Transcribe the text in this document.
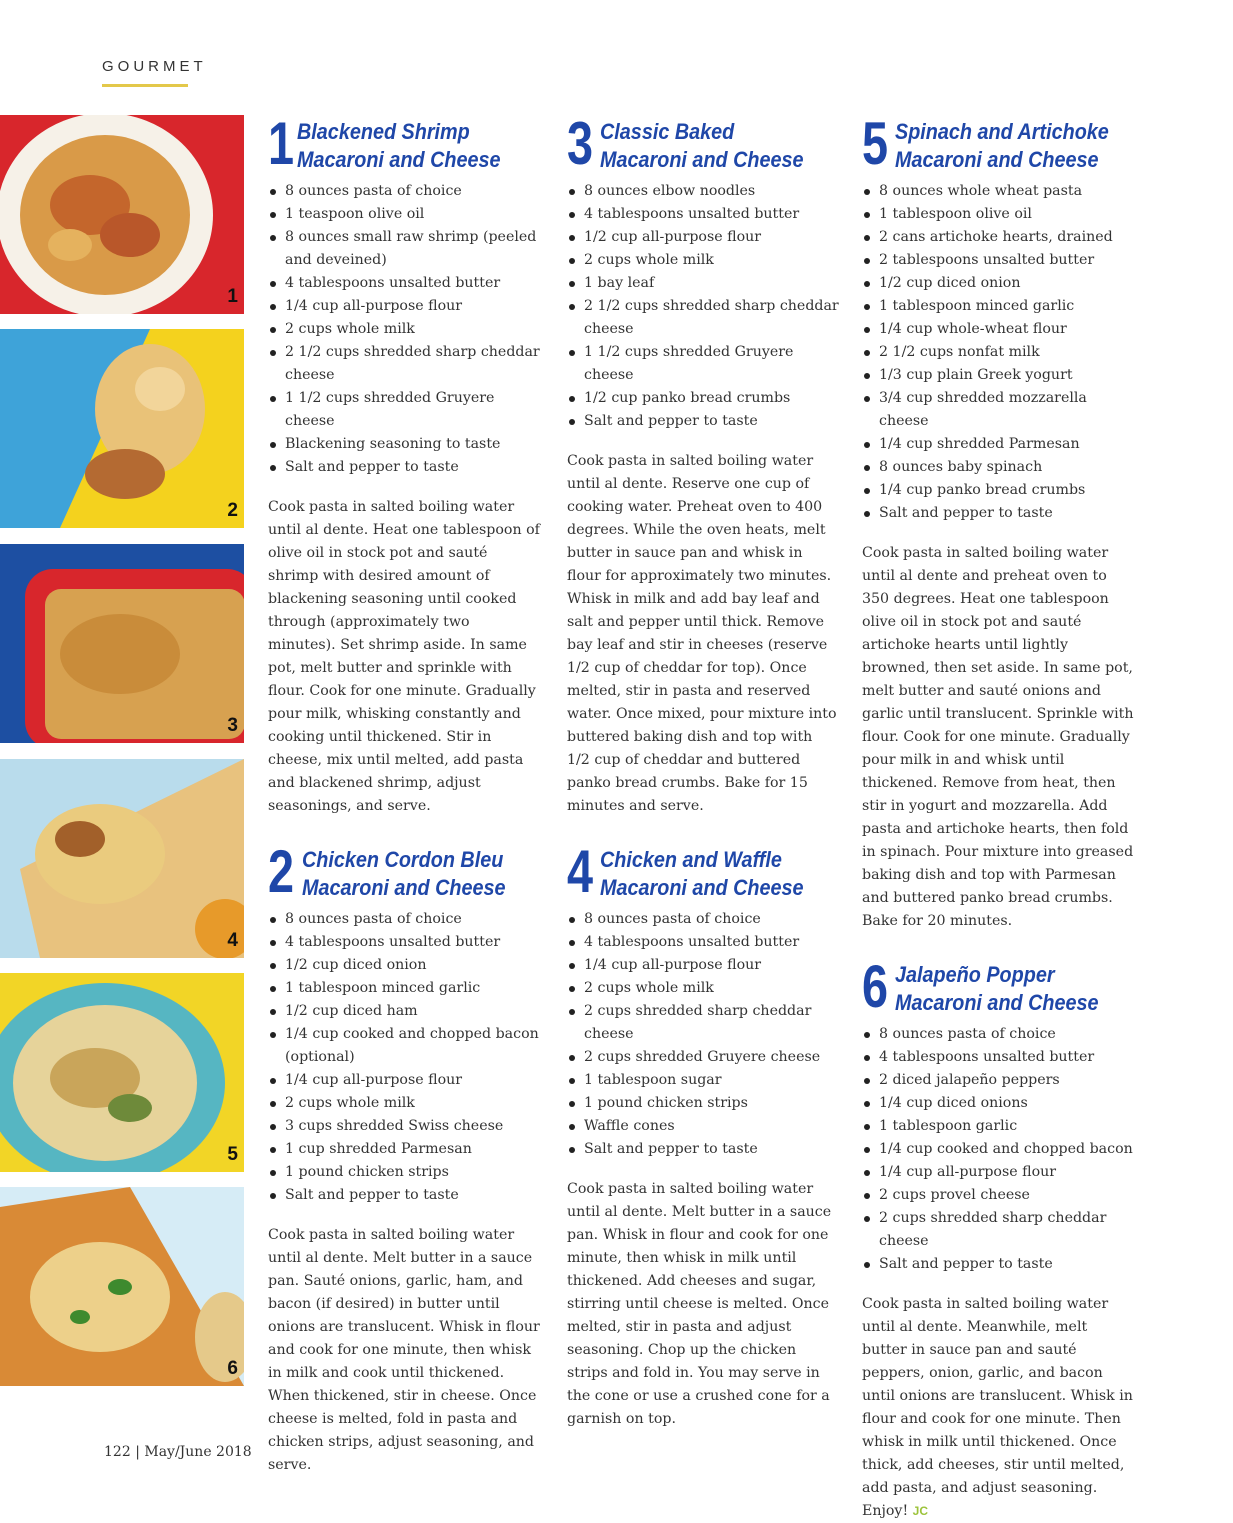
GOURMET
1
2
3
4
5
6
1 Blackened Shrimp
Macaroni and Cheese
8 ounces pasta of choice
1 teaspoon olive oil
8 ounces small raw shrimp (peeled and deveined)
4 tablespoons unsalted butter
1/4 cup all-purpose flour
2 cups whole milk
2 1/2 cups shredded sharp cheddar cheese
1 1/2 cups shredded Gruyere cheese
Blackening seasoning to taste
Salt and pepper to taste

Cook pasta in salted boiling water until al dente. Heat one tablespoon of olive oil in stock pot and sauté shrimp with desired amount of blackening seasoning until cooked through (approximately two minutes). Set shrimp aside. In same pot, melt butter and sprinkle with flour. Cook for one minute. Gradually pour milk, whisking constantly and cooking until thickened. Stir in cheese, mix until melted, add pasta and blackened shrimp, adjust seasonings, and serve.

2 Chicken Cordon Bleu
Macaroni and Cheese
8 ounces pasta of choice
4 tablespoons unsalted butter
1/2 cup diced onion
1 tablespoon minced garlic
1/2 cup diced ham
1/4 cup cooked and chopped bacon (optional)
1/4 cup all-purpose flour
2 cups whole milk
3 cups shredded Swiss cheese
1 cup shredded Parmesan
1 pound chicken strips
Salt and pepper to taste

Cook pasta in salted boiling water until al dente. Melt butter in a sauce pan. Sauté onions, garlic, ham, and bacon (if desired) in butter until onions are translucent. Whisk in flour and cook for one minute, then whisk in milk and cook until thickened. When thickened, stir in cheese. Once cheese is melted, fold in pasta and chicken strips, adjust seasoning, and serve.

3 Classic Baked
Macaroni and Cheese
8 ounces elbow noodles
4 tablespoons unsalted butter
1/2 cup all-purpose flour
2 cups whole milk
1 bay leaf
2 1/2 cups shredded sharp cheddar cheese
1 1/2 cups shredded Gruyere cheese
1/2 cup panko bread crumbs
Salt and pepper to taste

Cook pasta in salted boiling water until al dente. Reserve one cup of cooking water. Preheat oven to 400 degrees. While the oven heats, melt butter in sauce pan and whisk in flour for approximately two minutes. Whisk in milk and add bay leaf and salt and pepper until thick. Remove bay leaf and stir in cheeses (reserve 1/2 cup of cheddar for top). Once melted, stir in pasta and reserved water. Once mixed, pour mixture into buttered baking dish and top with 1/2 cup of cheddar and buttered panko bread crumbs. Bake for 15 minutes and serve.

4 Chicken and Waffle
Macaroni and Cheese
8 ounces pasta of choice
4 tablespoons unsalted butter
1/4 cup all-purpose flour
2 cups whole milk
2 cups shredded sharp cheddar cheese
2 cups shredded Gruyere cheese
1 tablespoon sugar
1 pound chicken strips
Waffle cones
Salt and pepper to taste

Cook pasta in salted boiling water until al dente. Melt butter in a sauce pan. Whisk in flour and cook for one minute, then whisk in milk until thickened. Add cheeses and sugar, stirring until cheese is melted. Once melted, stir in pasta and adjust seasoning. Chop up the chicken strips and fold in. You may serve in the cone or use a crushed cone for a garnish on top.

5 Spinach and Artichoke
Macaroni and Cheese
8 ounces whole wheat pasta
1 tablespoon olive oil
2 cans artichoke hearts, drained
2 tablespoons unsalted butter
1/2 cup diced onion
1 tablespoon minced garlic
1/4 cup whole-wheat flour
2 1/2 cups nonfat milk
1/3 cup plain Greek yogurt
3/4 cup shredded mozzarella cheese
1/4 cup shredded Parmesan
8 ounces baby spinach
1/4 cup panko bread crumbs
Salt and pepper to taste

Cook pasta in salted boiling water until al dente and preheat oven to 350 degrees. Heat one tablespoon olive oil in stock pot and sauté artichoke hearts until lightly browned, then set aside. In same pot, melt butter and sauté onions and garlic until translucent. Sprinkle with flour. Cook for one minute. Gradually pour milk in and whisk until thickened. Remove from heat, then stir in yogurt and mozzarella. Add pasta and artichoke hearts, then fold in spinach. Pour mixture into greased baking dish and top with Parmesan and buttered panko bread crumbs. Bake for 20 minutes.

6 Jalapeño Popper
Macaroni and Cheese
8 ounces pasta of choice
4 tablespoons unsalted butter
2 diced jalapeño peppers
1/4 cup diced onions
1 tablespoon garlic
1/4 cup cooked and chopped bacon
1/4 cup all-purpose flour
2 cups provel cheese
2 cups shredded sharp cheddar cheese
Salt and pepper to taste

Cook pasta in salted boiling water until al dente. Meanwhile, melt butter in sauce pan and sauté peppers, onion, garlic, and bacon until onions are translucent. Whisk in flour and cook for one minute. Then whisk in milk until thickened. Once thick, add cheeses, stir until melted, add pasta, and adjust seasoning. Enjoy! JC

122 | May/June 2018
